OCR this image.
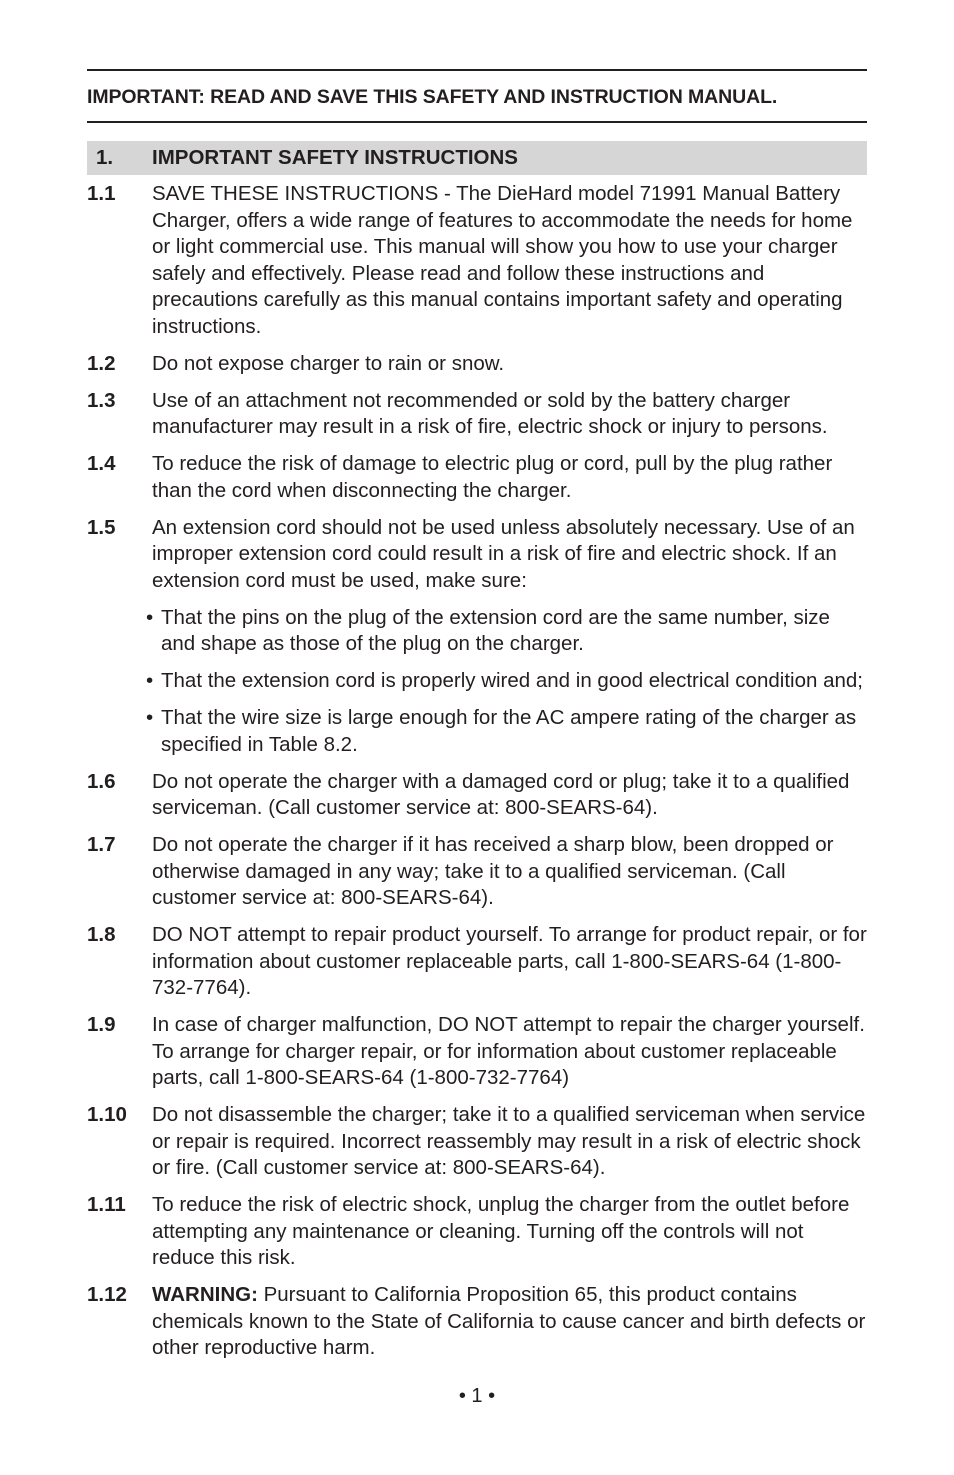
IMPORTANT: READ AND SAVE THIS SAFETY AND INSTRUCTION MANUAL.
1.	IMPORTANT SAFETY INSTRUCTIONS
1.1	SAVE THESE INSTRUCTIONS - The DieHard model 71991 Manual Battery Charger, offers a wide range of features to accommodate the needs for home or light commercial use. This manual will show you how to use your charger safely and effectively. Please read and follow these instructions and precautions carefully as this manual contains important safety and operating instructions.
1.2	Do not expose charger to rain or snow.
1.3	Use of an attachment not recommended or sold by the battery charger manufacturer may result in a risk of fire, electric shock or injury to persons.
1.4	To reduce the risk of damage to electric plug or cord, pull by the plug rather than the cord when disconnecting the charger.
1.5	An extension cord should not be used unless absolutely necessary. Use of an improper extension cord could result in a risk of fire and electric shock. If an extension cord must be used, make sure:
• That the pins on the plug of the extension cord are the same number, size and shape as those of the plug on the charger.
• That the extension cord is properly wired and in good electrical condition and;
• That the wire size is large enough for the AC ampere rating of the charger as specified in Table 8.2.
1.6	Do not operate the charger with a damaged cord or plug; take it to a qualified serviceman. (Call customer service at: 800-SEARS-64).
1.7	Do not operate the charger if it has received a sharp blow, been dropped or otherwise damaged in any way; take it to a qualified serviceman. (Call customer service at: 800-SEARS-64).
1.8	DO NOT attempt to repair product yourself. To arrange for product repair, or for information about customer replaceable parts, call 1-800-SEARS-64 (1-800-732-7764).
1.9	In case of charger malfunction, DO NOT attempt to repair the charger yourself. To arrange for charger repair, or for information about customer replaceable parts, call 1-800-SEARS-64 (1-800-732-7764)
1.10	Do not disassemble the charger; take it to a qualified serviceman when service or repair is required. Incorrect reassembly may result in a risk of electric shock or fire. (Call customer service at: 800-SEARS-64).
1.11	To reduce the risk of electric shock, unplug the charger from the outlet before attempting any maintenance or cleaning. Turning off the controls will not reduce this risk.
1.12	WARNING: Pursuant to California Proposition 65, this product contains chemicals known to the State of California to cause cancer and birth defects or other reproductive harm.
• 1 •
